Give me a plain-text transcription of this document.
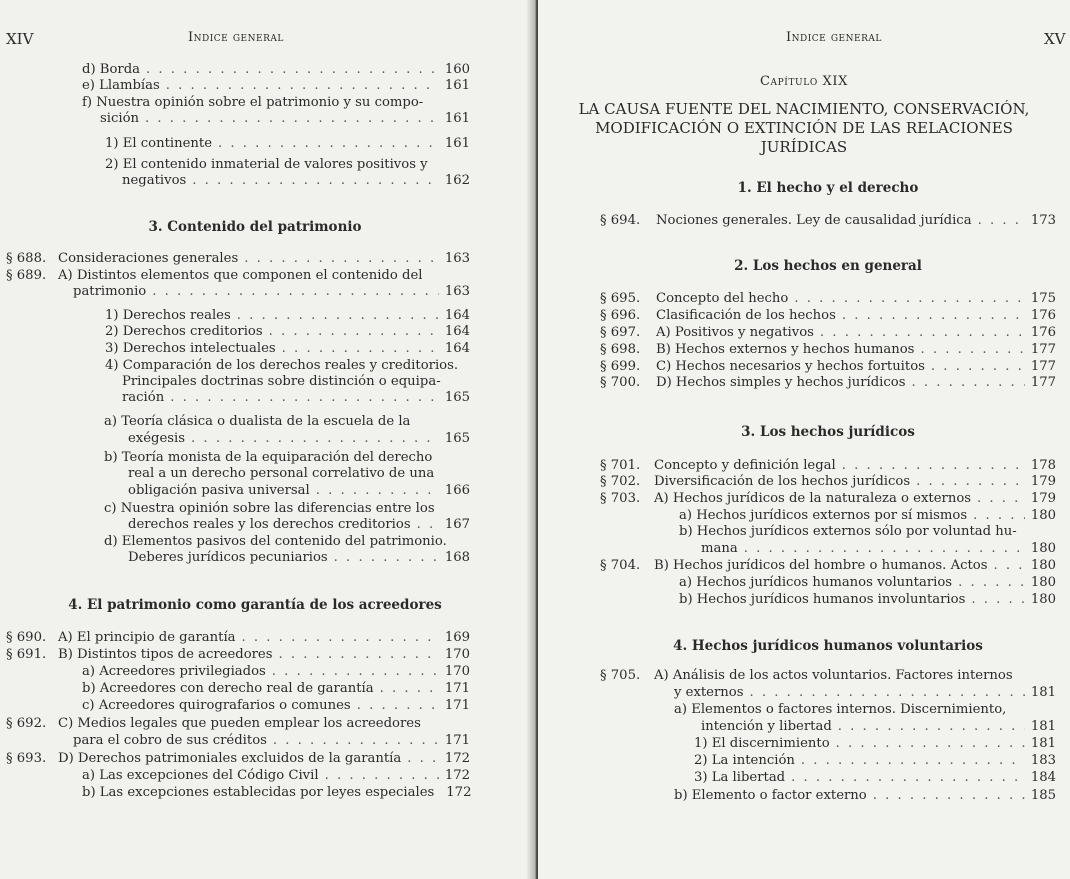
XIV	Indice general
d) Borda . . .	160
e) Llambías . . .	161
f) Nuestra opinión sobre el patrimonio y su compo-
sición . . .	161
1) El continente . . .	161
2) El contenido inmaterial de valores positivos y
negativos . . .	162
3. Contenido del patrimonio
§ 688. Consideraciones generales . . .	163
§ 689. A) Distintos elementos que componen el contenido del
patrimonio . . .	163
1) Derechos reales . . .	164
2) Derechos creditorios . . .	164
3) Derechos intelectuales . . .	164
4) Comparación de los derechos reales y creditorios.
Principales doctrinas sobre distinción o equipa-
ración . . .	165
a) Teoría clásica o dualista de la escuela de la
exégesis . . .	165
b) Teoría monista de la equiparación del derecho
real a un derecho personal correlativo de una
obligación pasiva universal . . .	166
c) Nuestra opinión sobre las diferencias entre los
derechos reales y los derechos creditorios . . .	167
d) Elementos pasivos del contenido del patrimonio.
Deberes jurídicos pecuniarios . . .	168
4. El patrimonio como garantía de los acreedores
§ 690. A) El principio de garantía . . .	169
§ 691. B) Distintos tipos de acreedores . . .	170
a) Acreedores privilegiados . . .	170
b) Acreedores con derecho real de garantía . . .	171
c) Acreedores quirografarios o comunes . . .	171
§ 692. C) Medios legales que pueden emplear los acreedores
para el cobro de sus créditos . . .	171
§ 693. D) Derechos patrimoniales excluidos de la garantía . . .	172
a) Las excepciones del Código Civil . . .	172
b) Las excepciones establecidas por leyes especiales 172
Indice general	XV
Capítulo XIX
LA CAUSA FUENTE DEL NACIMIENTO, CONSERVACIÓN,
MODIFICACIÓN O EXTINCIÓN DE LAS RELACIONES
JURÍDICAS
1. El hecho y el derecho
§ 694. Nociones generales. Ley de causalidad jurídica . . .	173
2. Los hechos en general
§ 695. Concepto del hecho . . .	175
§ 696. Clasificación de los hechos . . .	176
§ 697. A) Positivos y negativos . . .	176
§ 698. B) Hechos externos y hechos humanos . . .	177
§ 699. C) Hechos necesarios y hechos fortuitos . . .	177
§ 700. D) Hechos simples y hechos jurídicos . . .	177
3. Los hechos jurídicos
§ 701. Concepto y definición legal . . .	178
§ 702. Diversificación de los hechos jurídicos . . .	179
§ 703. A) Hechos jurídicos de la naturaleza o externos . . .	179
a) Hechos jurídicos externos por sí mismos . . .	180
b) Hechos jurídicos externos sólo por voluntad hu-
mana . . .	180
§ 704. B) Hechos jurídicos del hombre o humanos. Actos . . .	180
a) Hechos jurídicos humanos voluntarios . . .	180
b) Hechos jurídicos humanos involuntarios . . .	180
4. Hechos jurídicos humanos voluntarios
§ 705. A) Análisis de los actos voluntarios. Factores internos
y externos . . .	181
a) Elementos o factores internos. Discernimiento,
intención y libertad . . .	181
1) El discernimiento . . .	181
2) La intención . . .	183
3) La libertad . . .	184
b) Elemento o factor externo . . .	185
